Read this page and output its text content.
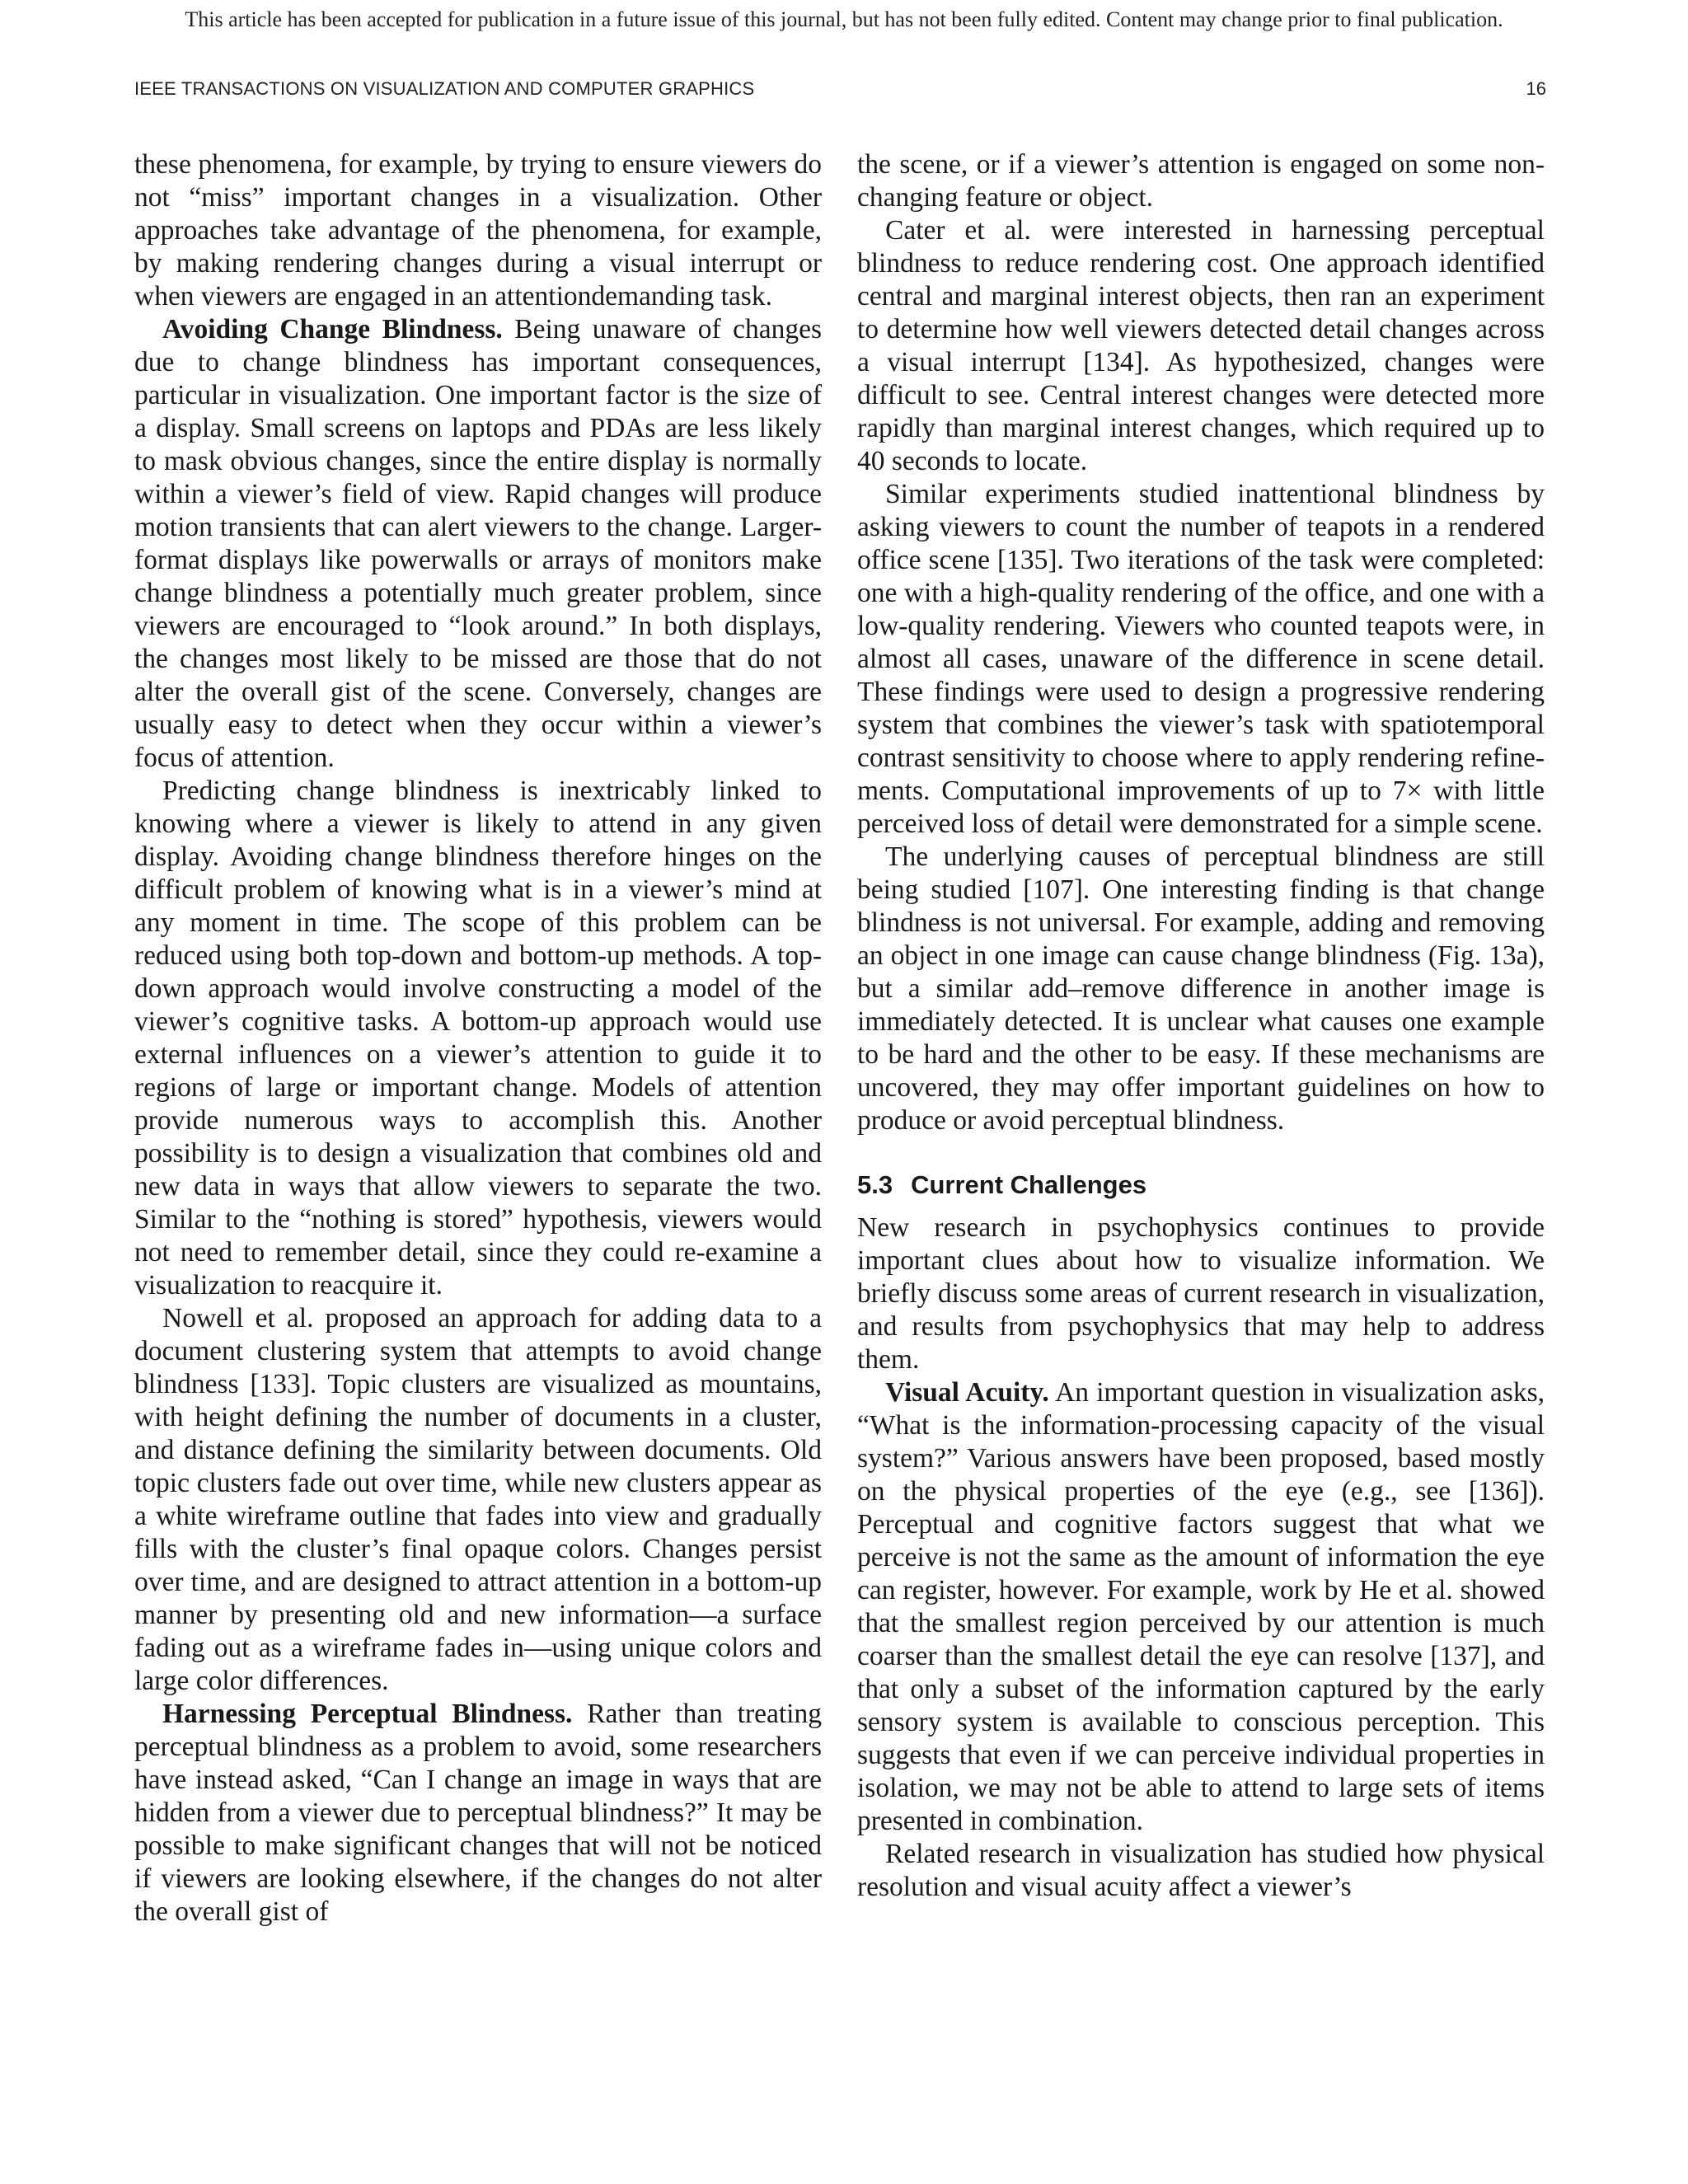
This article has been accepted for publication in a future issue of this journal, but has not been fully edited. Content may change prior to final publication.
IEEE TRANSACTIONS ON VISUALIZATION AND COMPUTER GRAPHICS	16

these phenomena, for example, by trying to ensure viewers do not “miss” important changes in a visualization. Other approaches take advantage of the phenomena, for example, by making rendering changes during a visual interrupt or when viewers are engaged in an attentiondemanding task.

Avoiding Change Blindness. Being unaware of changes due to change blindness has important consequences, particular in visualization. One important factor is the size of a display. Small screens on laptops and PDAs are less likely to mask obvious changes, since the entire display is normally within a viewer’s field of view. Rapid changes will produce motion transients that can alert viewers to the change. Larger-format displays like powerwalls or arrays of monitors make change blindness a potentially much greater problem, since viewers are encouraged to “look around.” In both displays, the changes most likely to be missed are those that do not alter the overall gist of the scene. Conversely, changes are usually easy to detect when they occur within a viewer’s focus of attention.

Predicting change blindness is inextricably linked to knowing where a viewer is likely to attend in any given display. Avoiding change blindness therefore hinges on the difficult problem of knowing what is in a viewer’s mind at any moment in time. The scope of this problem can be reduced using both top-down and bottom-up methods. A top-down approach would involve constructing a model of the viewer’s cognitive tasks. A bottom-up approach would use external influences on a viewer’s attention to guide it to regions of large or important change. Models of attention provide numerous ways to accomplish this. Another possibility is to design a visualization that combines old and new data in ways that allow viewers to separate the two. Similar to the “nothing is stored” hypothesis, viewers would not need to remember detail, since they could re-examine a visualization to reacquire it.

Nowell et al. proposed an approach for adding data to a document clustering system that attempts to avoid change blindness [133]. Topic clusters are visualized as mountains, with height defining the number of documents in a cluster, and distance defining the similarity between documents. Old topic clusters fade out over time, while new clusters appear as a white wireframe outline that fades into view and gradually fills with the cluster’s final opaque colors. Changes persist over time, and are designed to attract attention in a bottom-up manner by presenting old and new information—a surface fading out as a wireframe fades in—using unique colors and large color differences.

Harnessing Perceptual Blindness. Rather than treating perceptual blindness as a problem to avoid, some researchers have instead asked, “Can I change an image in ways that are hidden from a viewer due to perceptual blindness?” It may be possible to make significant changes that will not be noticed if viewers are looking elsewhere, if the changes do not alter the overall gist of

the scene, or if a viewer’s attention is engaged on some non-changing feature or object.

Cater et al. were interested in harnessing perceptual blindness to reduce rendering cost. One approach identified central and marginal interest objects, then ran an experiment to determine how well viewers detected detail changes across a visual interrupt [134]. As hypothesized, changes were difficult to see. Central interest changes were detected more rapidly than marginal interest changes, which required up to 40 seconds to locate.

Similar experiments studied inattentional blindness by asking viewers to count the number of teapots in a rendered office scene [135]. Two iterations of the task were completed: one with a high-quality rendering of the office, and one with a low-quality rendering. Viewers who counted teapots were, in almost all cases, unaware of the difference in scene detail. These findings were used to design a progressive rendering system that combines the viewer’s task with spatiotemporal contrast sensitivity to choose where to apply rendering refinements. Computational improvements of up to 7× with little perceived loss of detail were demonstrated for a simple scene.

The underlying causes of perceptual blindness are still being studied [107]. One interesting finding is that change blindness is not universal. For example, adding and removing an object in one image can cause change blindness (Fig. 13a), but a similar add–remove difference in another image is immediately detected. It is unclear what causes one example to be hard and the other to be easy. If these mechanisms are uncovered, they may offer important guidelines on how to produce or avoid perceptual blindness.

5.3 Current Challenges

New research in psychophysics continues to provide important clues about how to visualize information. We briefly discuss some areas of current research in visualization, and results from psychophysics that may help to address them.

Visual Acuity. An important question in visualization asks, “What is the information-processing capacity of the visual system?” Various answers have been proposed, based mostly on the physical properties of the eye (e.g., see [136]). Perceptual and cognitive factors suggest that what we perceive is not the same as the amount of information the eye can register, however. For example, work by He et al. showed that the smallest region perceived by our attention is much coarser than the smallest detail the eye can resolve [137], and that only a subset of the information captured by the early sensory system is available to conscious perception. This suggests that even if we can perceive individual properties in isolation, we may not be able to attend to large sets of items presented in combination.

Related research in visualization has studied how physical resolution and visual acuity affect a viewer’s
